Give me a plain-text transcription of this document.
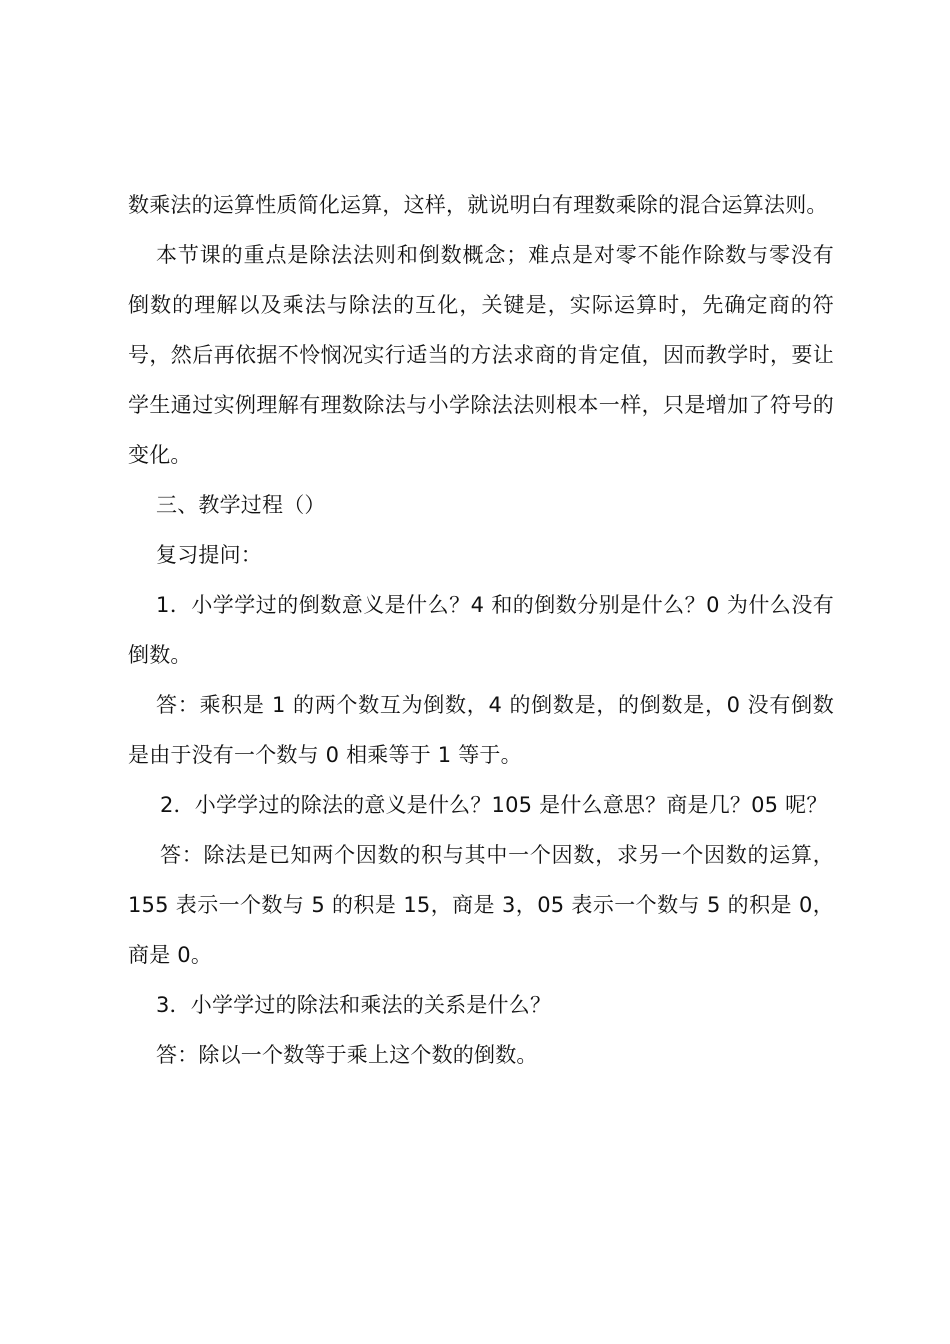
数乘法的运算性质简化运算，这样，就说明白有理数乘除的混合运算法则。

本节课的重点是除法法则和倒数概念；难点是对零不能作除数与零没有倒数的理解以及乘法与除法的互化，关键是，实际运算时，先确定商的符号，然后再依据不怜悯况实行适当的方法求商的肯定值，因而教学时，要让学生通过实例理解有理数除法与小学除法法则根本一样，只是增加了符号的变化。

三、教学过程（）

复习提问：

1．小学学过的倒数意义是什么？4 和的倒数分别是什么？0 为什么没有倒数。

答：乘积是 1 的两个数互为倒数，4 的倒数是，的倒数是，0 没有倒数是由于没有一个数与 0 相乘等于 1 等于。

2．小学学过的除法的意义是什么？105 是什么意思？商是几？05 呢？

答：除法是已知两个因数的积与其中一个因数，求另一个因数的运算，155 表示一个数与 5 的积是 15，商是 3，05 表示一个数与 5 的积是 0，商是 0。

3．小学学过的除法和乘法的关系是什么？

答：除以一个数等于乘上这个数的倒数。
